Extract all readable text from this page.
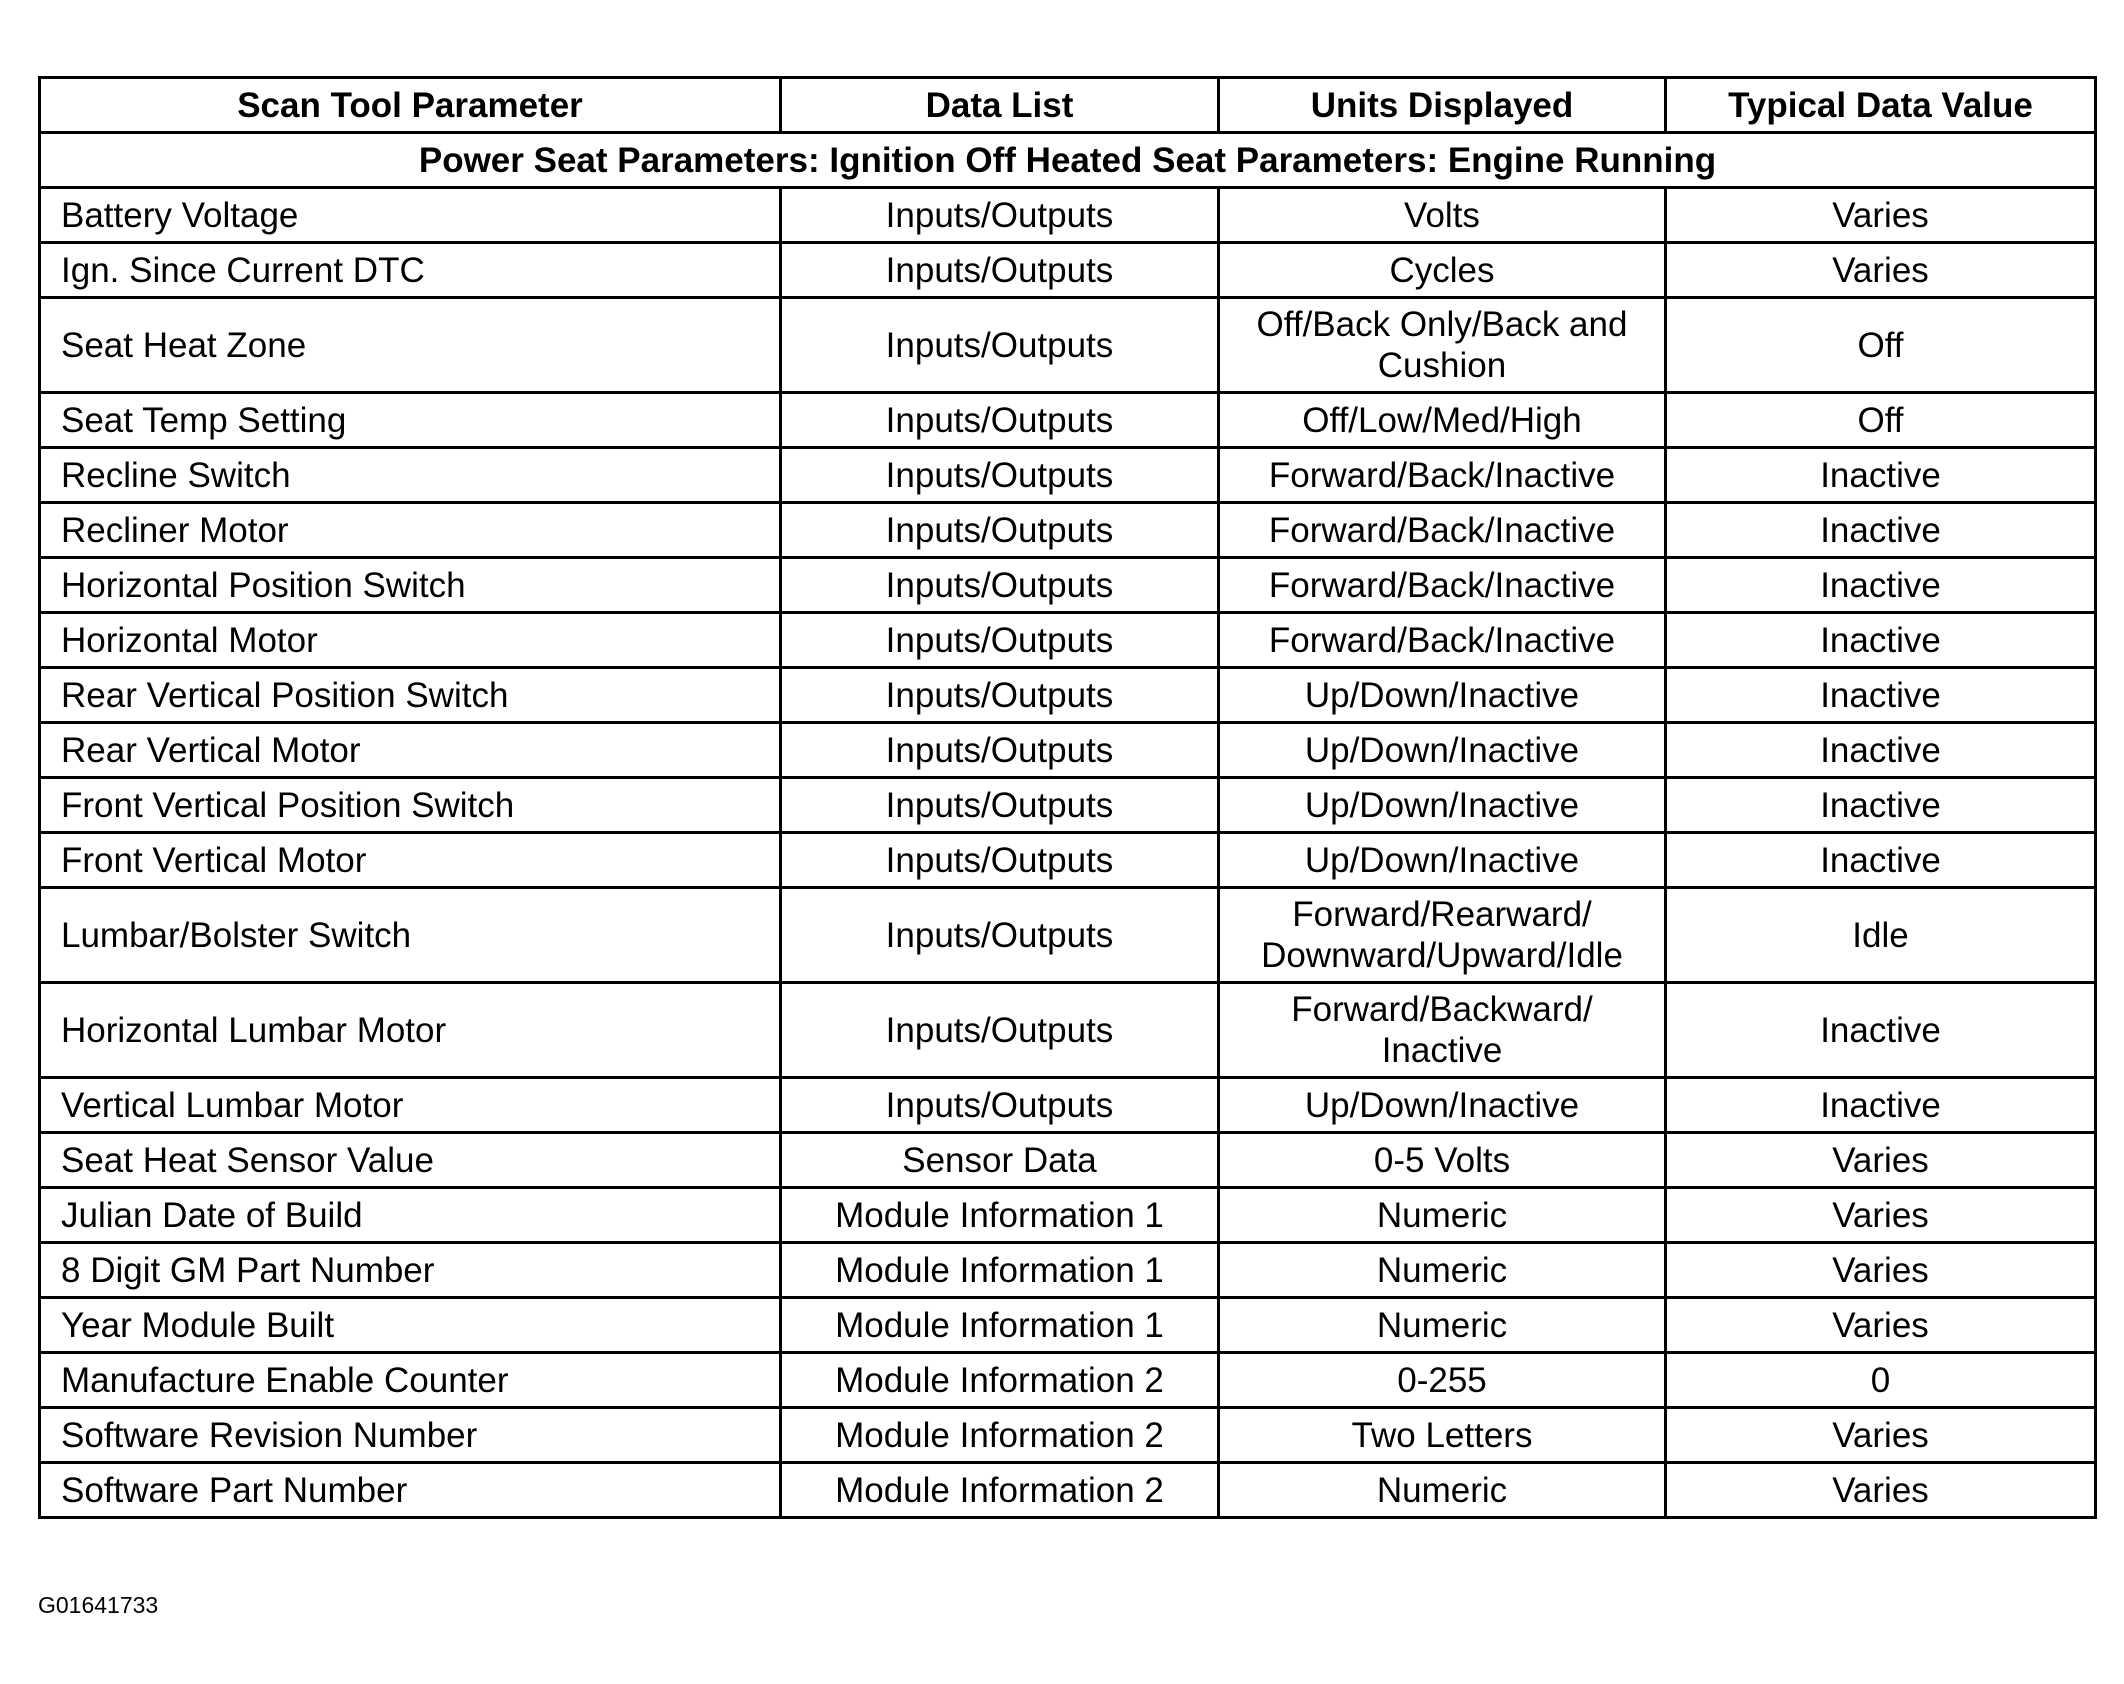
Scan Tool Parameter	Data List	Units Displayed	Typical Data Value
Power Seat Parameters: Ignition Off Heated Seat Parameters: Engine Running			
Battery Voltage	Inputs/Outputs	Volts	Varies
Ign. Since Current DTC	Inputs/Outputs	Cycles	Varies
Seat Heat Zone	Inputs/Outputs	Off/Back Only/Back and Cushion	Off
Seat Temp Setting	Inputs/Outputs	Off/Low/Med/High	Off
Recline Switch	Inputs/Outputs	Forward/Back/Inactive	Inactive
Recliner Motor	Inputs/Outputs	Forward/Back/Inactive	Inactive
Horizontal Position Switch	Inputs/Outputs	Forward/Back/Inactive	Inactive
Horizontal Motor	Inputs/Outputs	Forward/Back/Inactive	Inactive
Rear Vertical Position Switch	Inputs/Outputs	Up/Down/Inactive	Inactive
Rear Vertical Motor	Inputs/Outputs	Up/Down/Inactive	Inactive
Front Vertical Position Switch	Inputs/Outputs	Up/Down/Inactive	Inactive
Front Vertical Motor	Inputs/Outputs	Up/Down/Inactive	Inactive
Lumbar/Bolster Switch	Inputs/Outputs	Forward/Rearward/ Downward/Upward/Idle	Idle
Horizontal Lumbar Motor	Inputs/Outputs	Forward/Backward/ Inactive	Inactive
Vertical Lumbar Motor	Inputs/Outputs	Up/Down/Inactive	Inactive
Seat Heat Sensor Value	Sensor Data	0-5 Volts	Varies
Julian Date of Build	Module Information 1	Numeric	Varies
8 Digit GM Part Number	Module Information 1	Numeric	Varies
Year Module Built	Module Information 1	Numeric	Varies
Manufacture Enable Counter	Module Information 2	0-255	0
Software Revision Number	Module Information 2	Two Letters	Varies
Software Part Number	Module Information 2	Numeric	Varies
G01641733
